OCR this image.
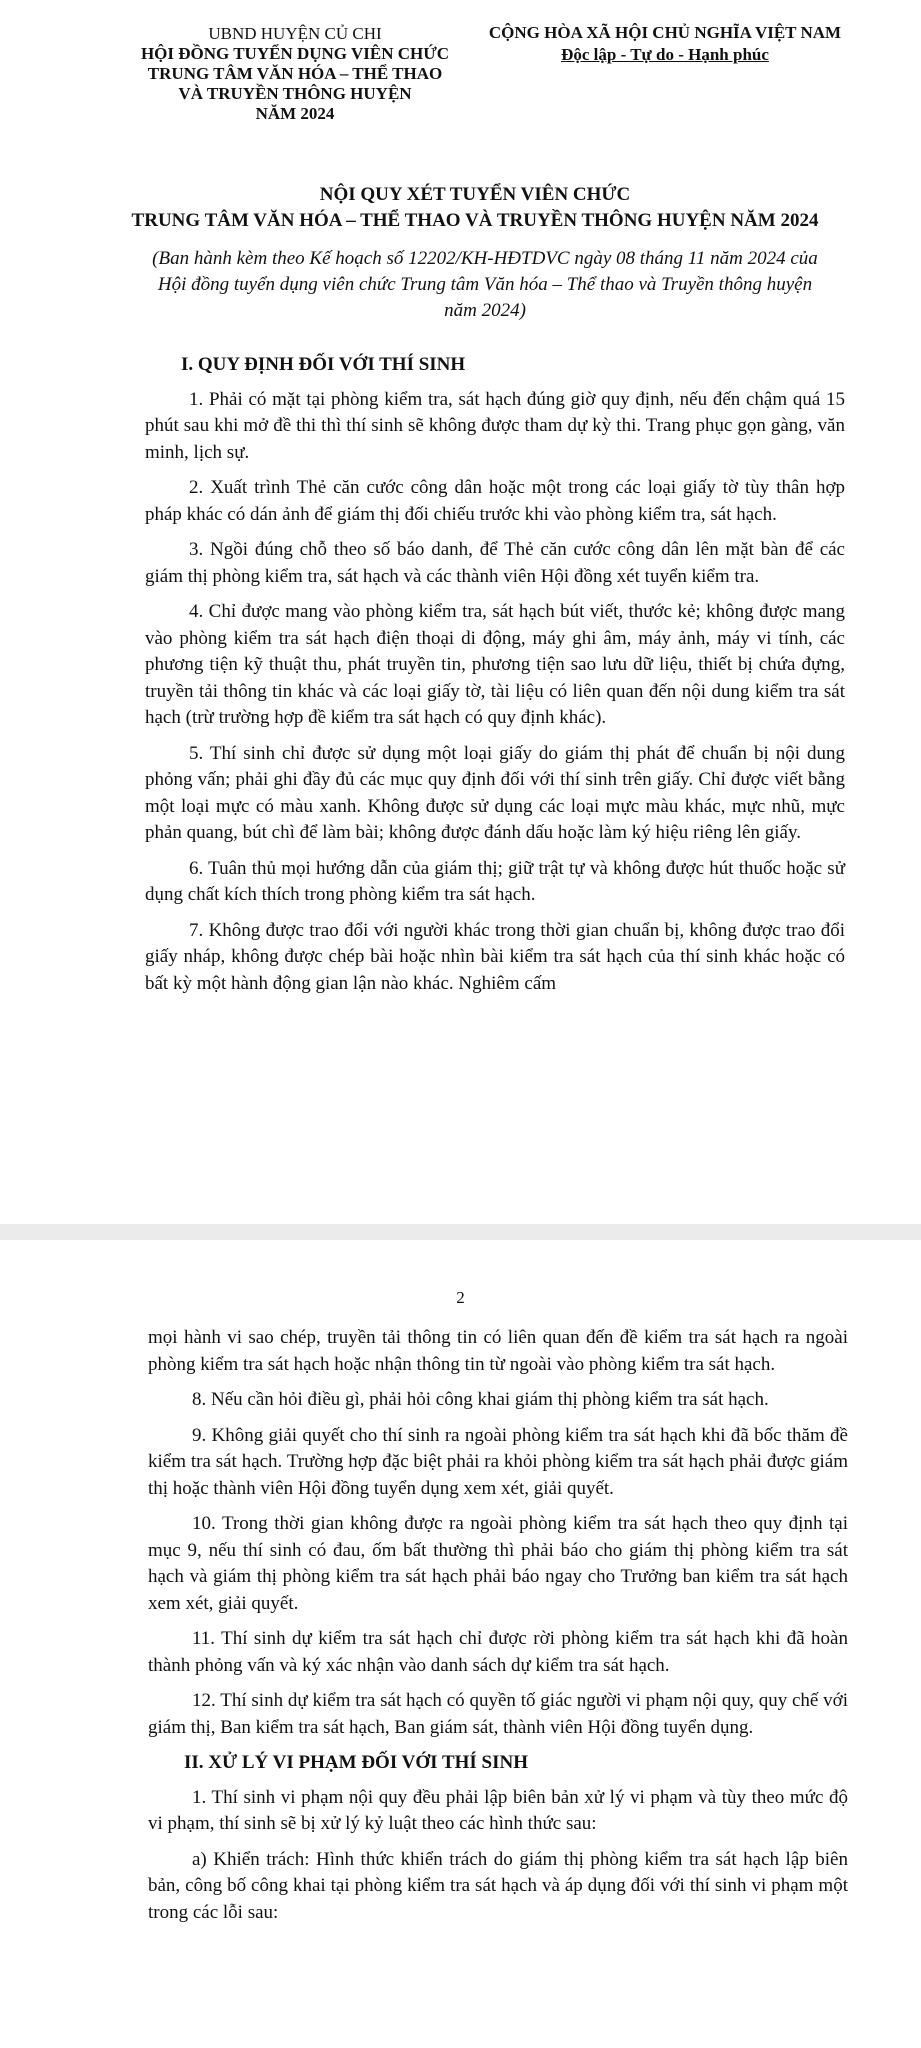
UBND HUYỆN CỦ CHI
HỘI ĐỒNG TUYỂN DỤNG VIÊN CHỨC
TRUNG TÂM VĂN HÓA – THỂ THAO
VÀ TRUYỀN THÔNG HUYỆN
NĂM 2024
CỘNG HÒA XÃ HỘI CHỦ NGHĨA VIỆT NAM
Độc lập - Tự do - Hạnh phúc
NỘI QUY XÉT TUYỂN VIÊN CHỨC
TRUNG TÂM VĂN HÓA – THỂ THAO VÀ TRUYỀN THÔNG HUYỆN NĂM 2024
(Ban hành kèm theo Kế hoạch số 12202/KH-HĐTDVC ngày 08 tháng 11 năm 2024 của Hội đồng tuyển dụng viên chức Trung tâm Văn hóa – Thể thao và Truyền thông huyện năm 2024)
I. QUY ĐỊNH ĐỐI VỚI THÍ SINH

1. Phải có mặt tại phòng kiểm tra, sát hạch đúng giờ quy định, nếu đến chậm quá 15 phút sau khi mở đề thi thì thí sinh sẽ không được tham dự kỳ thi. Trang phục gọn gàng, văn minh, lịch sự.

2. Xuất trình Thẻ căn cước công dân hoặc một trong các loại giấy tờ tùy thân hợp pháp khác có dán ảnh để giám thị đối chiếu trước khi vào phòng kiểm tra, sát hạch.

3. Ngồi đúng chỗ theo số báo danh, để Thẻ căn cước công dân lên mặt bàn để các giám thị phòng kiểm tra, sát hạch và các thành viên Hội đồng xét tuyển kiểm tra.

4. Chỉ được mang vào phòng kiểm tra, sát hạch bút viết, thước kẻ; không được mang vào phòng kiểm tra sát hạch điện thoại di động, máy ghi âm, máy ảnh, máy vi tính, các phương tiện kỹ thuật thu, phát truyền tin, phương tiện sao lưu dữ liệu, thiết bị chứa đựng, truyền tải thông tin khác và các loại giấy tờ, tài liệu có liên quan đến nội dung kiểm tra sát hạch (trừ trường hợp đề kiểm tra sát hạch có quy định khác).

5. Thí sinh chỉ được sử dụng một loại giấy do giám thị phát để chuẩn bị nội dung phỏng vấn; phải ghi đầy đủ các mục quy định đối với thí sinh trên giấy. Chỉ được viết bằng một loại mực có màu xanh. Không được sử dụng các loại mực màu khác, mực nhũ, mực phản quang, bút chì để làm bài; không được đánh dấu hoặc làm ký hiệu riêng lên giấy.

6. Tuân thủ mọi hướng dẫn của giám thị; giữ trật tự và không được hút thuốc hoặc sử dụng chất kích thích trong phòng kiểm tra sát hạch.

7. Không được trao đổi với người khác trong thời gian chuẩn bị, không được trao đổi giấy nháp, không được chép bài hoặc nhìn bài kiểm tra sát hạch của thí sinh khác hoặc có bất kỳ một hành động gian lận nào khác. Nghiêm cấm

2

mọi hành vi sao chép, truyền tải thông tin có liên quan đến đề kiểm tra sát hạch ra ngoài phòng kiểm tra sát hạch hoặc nhận thông tin từ ngoài vào phòng kiểm tra sát hạch.

8. Nếu cần hỏi điều gì, phải hỏi công khai giám thị phòng kiểm tra sát hạch.

9. Không giải quyết cho thí sinh ra ngoài phòng kiểm tra sát hạch khi đã bốc thăm đề kiểm tra sát hạch. Trường hợp đặc biệt phải ra khỏi phòng kiểm tra sát hạch phải được giám thị hoặc thành viên Hội đồng tuyển dụng xem xét, giải quyết.

10. Trong thời gian không được ra ngoài phòng kiểm tra sát hạch theo quy định tại mục 9, nếu thí sinh có đau, ốm bất thường thì phải báo cho giám thị phòng kiểm tra sát hạch và giám thị phòng kiểm tra sát hạch phải báo ngay cho Trưởng ban kiểm tra sát hạch xem xét, giải quyết.

11. Thí sinh dự kiểm tra sát hạch chỉ được rời phòng kiểm tra sát hạch khi đã hoàn thành phỏng vấn và ký xác nhận vào danh sách dự kiểm tra sát hạch.

12. Thí sinh dự kiểm tra sát hạch có quyền tố giác người vi phạm nội quy, quy chế với giám thị, Ban kiểm tra sát hạch, Ban giám sát, thành viên Hội đồng tuyển dụng.

II. XỬ LÝ VI PHẠM ĐỐI VỚI THÍ SINH

1. Thí sinh vi phạm nội quy đều phải lập biên bản xử lý vi phạm và tùy theo mức độ vi phạm, thí sinh sẽ bị xử lý kỷ luật theo các hình thức sau:

a) Khiển trách: Hình thức khiển trách do giám thị phòng kiểm tra sát hạch lập biên bản, công bố công khai tại phòng kiểm tra sát hạch và áp dụng đối với thí sinh vi phạm một trong các lỗi sau:
